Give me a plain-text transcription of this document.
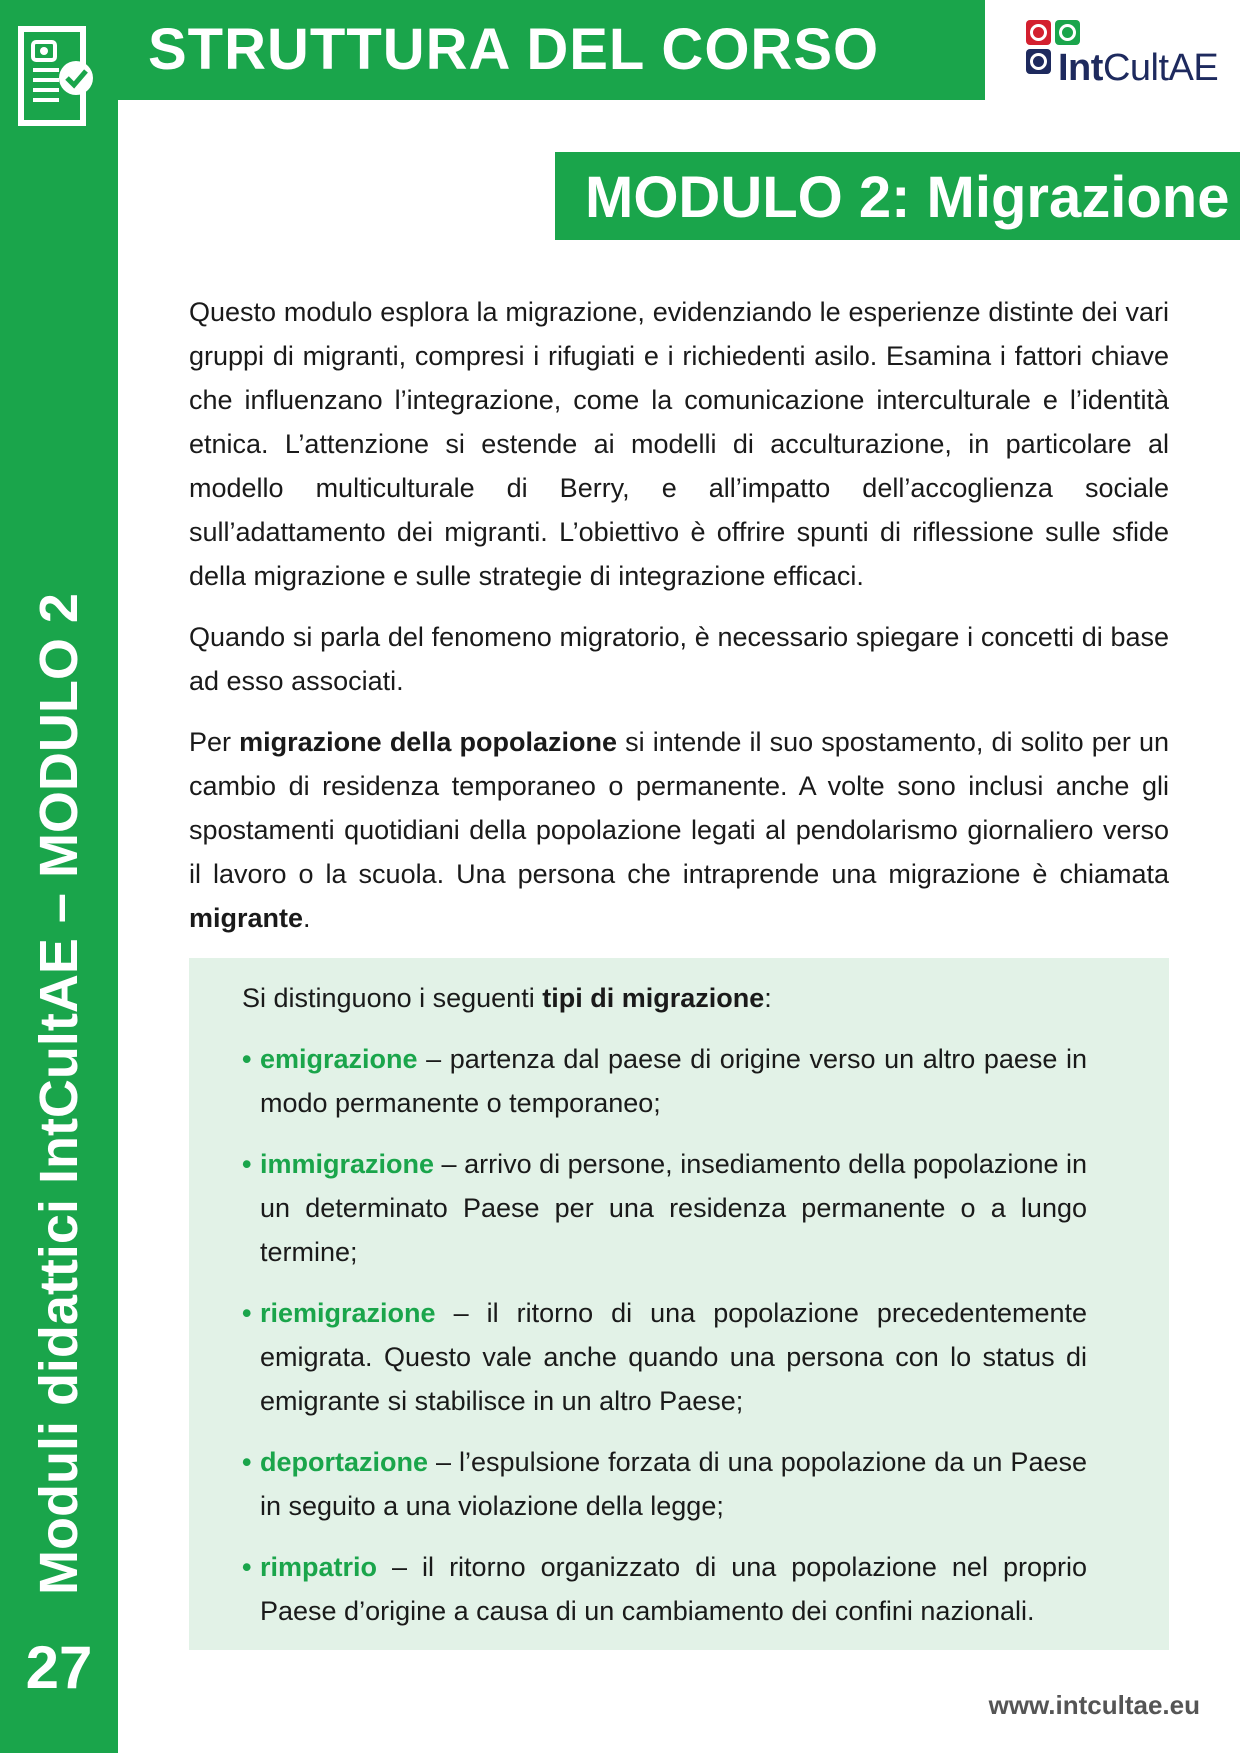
STRUTTURA DEL CORSO	IntCultAE
MODULO 2: Migrazione
Moduli didattici IntCultAE – MODULO 2
27

Questo modulo esplora la migrazione, evidenziando le esperienze distinte dei vari gruppi di migranti, compresi i rifugiati e i richiedenti asilo. Esamina i fattori chiave che influenzano l’integrazione, come la comunicazione interculturale e l’identità etnica. L’attenzione si estende ai modelli di acculturazione, in particolare al modello multiculturale di Berry, e all’impatto dell’accoglienza sociale sull’adattamento dei migranti. L’obiettivo è offrire spunti di riflessione sulle sfide della migrazione e sulle strategie di integrazione efficaci.

Quando si parla del fenomeno migratorio, è necessario spiegare i concetti di base ad esso associati.

Per migrazione della popolazione si intende il suo spostamento, di solito per un cambio di residenza temporaneo o permanente. A volte sono inclusi anche gli spostamenti quotidiani della popolazione legati al pendolarismo giornaliero verso il lavoro o la scuola. Una persona che intraprende una migrazione è chiamata migrante.

Si distinguono i seguenti tipi di migrazione:

• emigrazione – partenza dal paese di origine verso un altro paese in modo permanente o temporaneo;
• immigrazione – arrivo di persone, insediamento della popolazione in un determinato Paese per una residenza permanente o a lungo termine;
• riemigrazione – il ritorno di una popolazione precedentemente emigrata. Questo vale anche quando una persona con lo status di emigrante si stabilisce in un altro Paese;
• deportazione – l’espulsione forzata di una popolazione da un Paese in seguito a una violazione della legge;
• rimpatrio – il ritorno organizzato di una popolazione nel proprio Paese d’origine a causa di un cambiamento dei confini nazionali.
www.intcultae.eu
